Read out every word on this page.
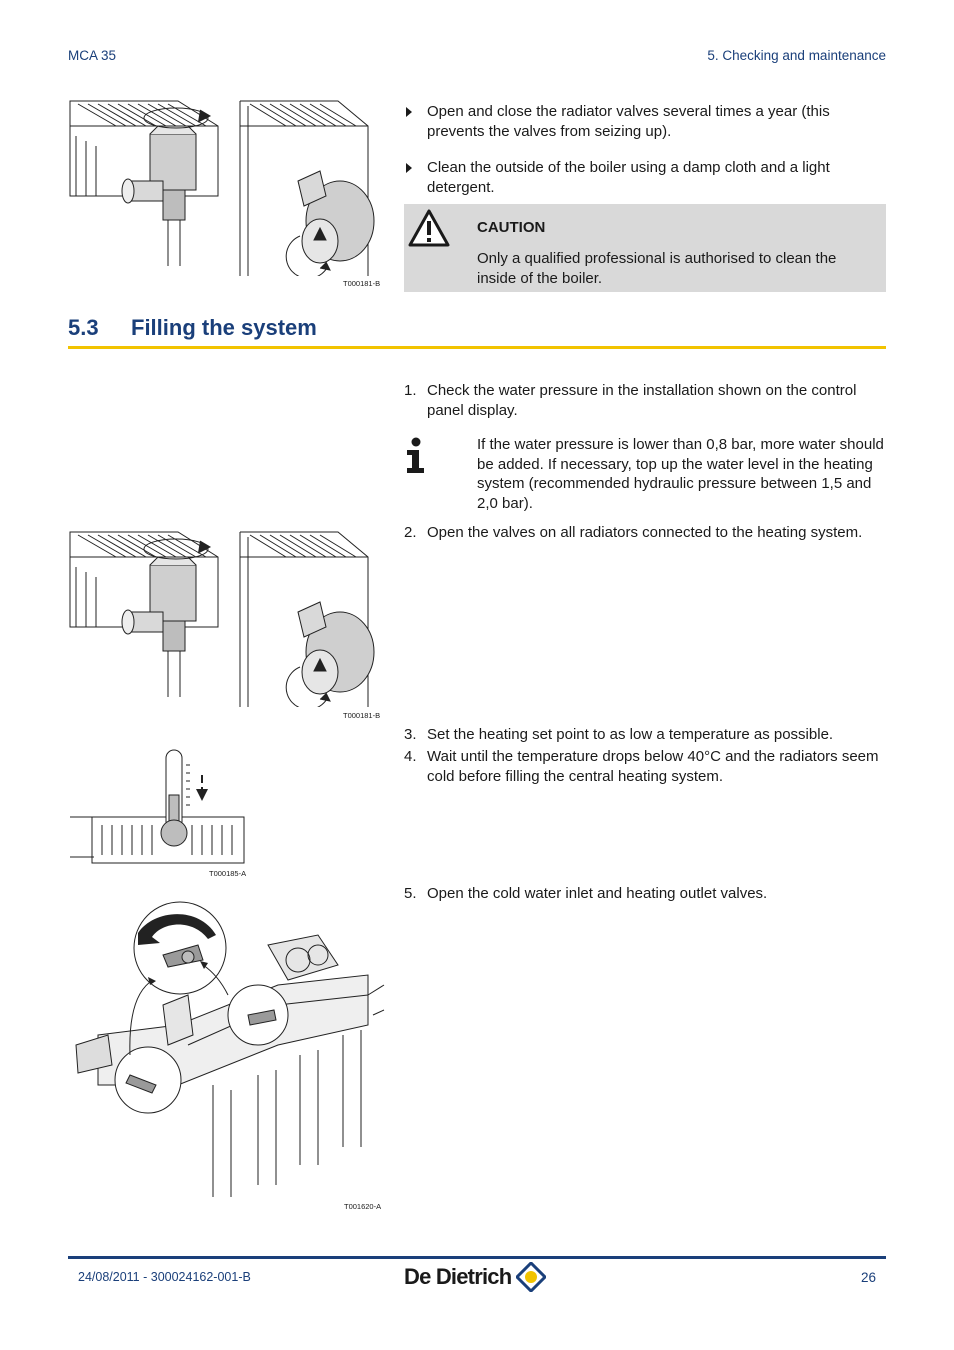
MCA 35	5. Checking and maintenance
T000181-B
Open and close the radiator valves several times a year (this prevents the valves from seizing up).
Clean the outside of the boiler using a damp cloth and a light detergent.
CAUTION
Only a qualified professional is authorised to clean the inside of the boiler.
5.3 Filling the system
1. Check the water pressure in the installation shown on the control panel display.
If the water pressure is lower than 0,8 bar, more water should be added. If necessary, top up the water level in the heating system (recommended hydraulic pressure between 1,5 and 2,0 bar).
2. Open the valves on all radiators connected to the heating system.
T000181-B
3. Set the heating set point to as low a temperature as possible.
4. Wait until the temperature drops below 40°C and the radiators seem cold before filling the central heating system.
T000185-A
5. Open the cold water inlet and heating outlet valves.
T001620-A
24/08/2011 - 300024162-001-B	De Dietrich	26
